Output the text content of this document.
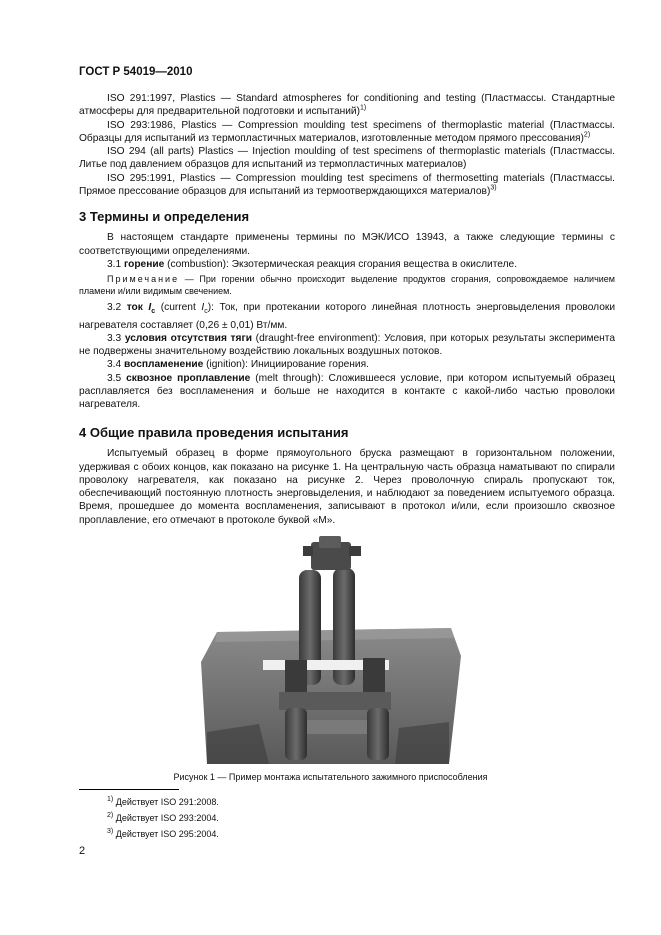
ГОСТ Р 54019—2010

ISO 291:1997, Plastics — Standard atmospheres for conditioning and testing (Пластмассы. Стандартные атмосферы для предварительной подготовки и испытаний)$^{1)}$

ISO 293:1986, Plastics — Compression moulding test specimens of thermoplastic material (Пластмассы. Образцы для испытаний из термопластичных материалов, изготовленные методом прямого прессования)$^{2)}$

ISO 294 (all parts) Plastics — Injection moulding of test specimens of thermoplastic materials (Пластмассы. Литье под давлением образцов для испытаний из термопластичных материалов)

ISO 295:1991, Plastics — Compression moulding test specimens of thermosetting materials (Пластмассы. Прямое прессование образцов для испытаний из термоотверждающихся материалов)$^{3)}$

3 Термины и определения

В настоящем стандарте применены термины по МЭК/ИСО 13943, а также следующие термины с соответствующими определениями.

3.1 горение (combustion): Экзотермическая реакция сгорания вещества в окислителе.

Примечание — При горении обычно происходит выделение продуктов сгорания, сопровождаемое наличием пламени и/или видимым свечением.

3.2 ток $I_c$ (current $I_c$): Ток, при протекании которого линейная плотность энерговыделения проволоки нагревателя составляет (0,26 ± 0,01) Вт/мм.

3.3 условия отсутствия тяги (draught-free environment): Условия, при которых результаты эксперимента не подвержены значительному воздействию локальных воздушных потоков.

3.4 воспламенение (ignition): Инициирование горения.

3.5 сквозное проплавление (melt through): Сложившееся условие, при котором испытуемый образец расплавляется без воспламенения и больше не находится в контакте с какой-либо частью проволоки нагревателя.

4 Общие правила проведения испытания

Испытуемый образец в форме прямоугольного бруска размещают в горизонтальном положении, удерживая с обоих концов, как показано на рисунке 1. На центральную часть образца наматывают по спирали проволоку нагревателя, как показано на рисунке 2. Через проволочную спираль пропускают ток, обеспечивающий постоянную плотность энерговыделения, и наблюдают за поведением испытуемого образца. Время, прошедшее до момента воспламенения, записывают в протокол и/или, если произошло сквозное проплавление, его отмечают в протоколе буквой «М».

Рисунок 1 — Пример монтажа испытательного зажимного приспособления
$^{1)}$ Действует ISO 291:2008.
$^{2)}$ Действует ISO 293:2004.
$^{3)}$ Действует ISO 295:2004.
2
